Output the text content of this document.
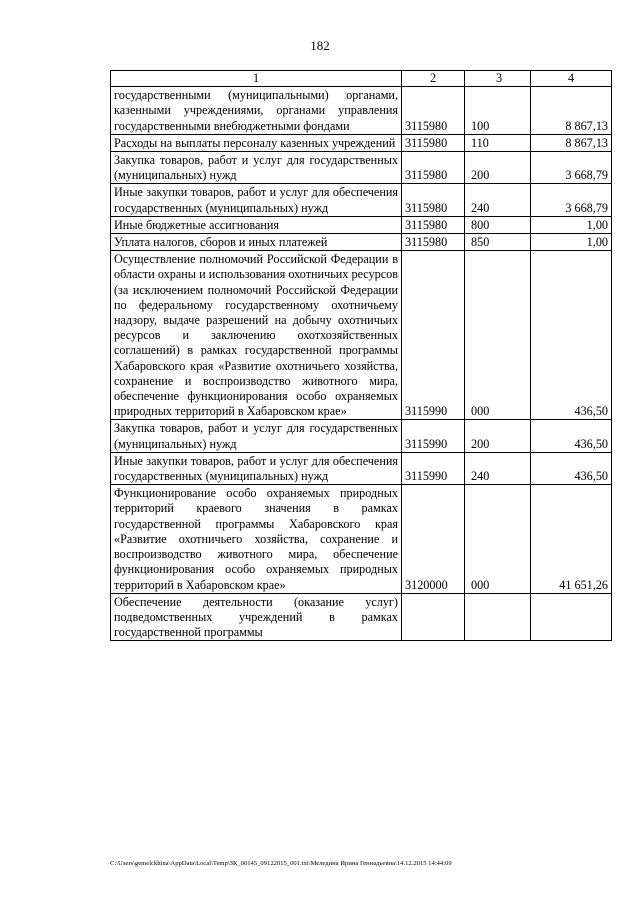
182
1	2	3	4
государственными (муниципальными) органами, казенными учреждениями, органами управления государственными внебюджетными фондами	3115980	100	8 867,13
Расходы на выплаты персоналу казенных учреждений	3115980	110	8 867,13
Закупка товаров, работ и услуг для государственных (муниципальных) нужд	3115980	200	3 668,79
Иные закупки товаров, работ и услуг для обеспечения государственных (муниципальных) нужд	3115980	240	3 668,79
Иные бюджетные ассигнования	3115980	800	1,00
Уплата налогов, сборов и иных платежей	3115980	850	1,00
Осуществление полномочий Российской Федерации в области охраны и использования охотничьих ресурсов (за исключением полномочий Российской Федерации по федеральному государственному охотничьему надзору, выдаче разрешений на добычу охотничьих ресурсов и заключению охотхозяйственных соглашений) в рамках государственной программы Хабаровского края «Развитие охотничьего хозяйства, сохранение и воспроизводство животного мира, обеспечение функционирования особо охраняемых природных территорий в Хабаровском крае»	3115990	000	436,50
Закупка товаров, работ и услуг для государственных (муниципальных) нужд	3115990	200	436,50
Иные закупки товаров, работ и услуг для обеспечения государственных (муниципальных) нужд	3115990	240	436,50
Функционирование особо охраняемых природных территорий краевого значения в рамках государственной программы Хабаровского края «Развитие охотничьего хозяйства, сохранение и воспроизводство животного мира, обеспечение функционирования особо охраняемых природных территорий в Хабаровском крае»	3120000	000	41 651,26
Обеспечение деятельности (оказание услуг) подведомственных учреждений в рамках государственной программы			
C:\Users\gemelckhina\AppData\Local\Temp\ЗК_00145_09122015_001.txt\Меледина Ирина Геннадьевна\14.12.2015 14:44:09
